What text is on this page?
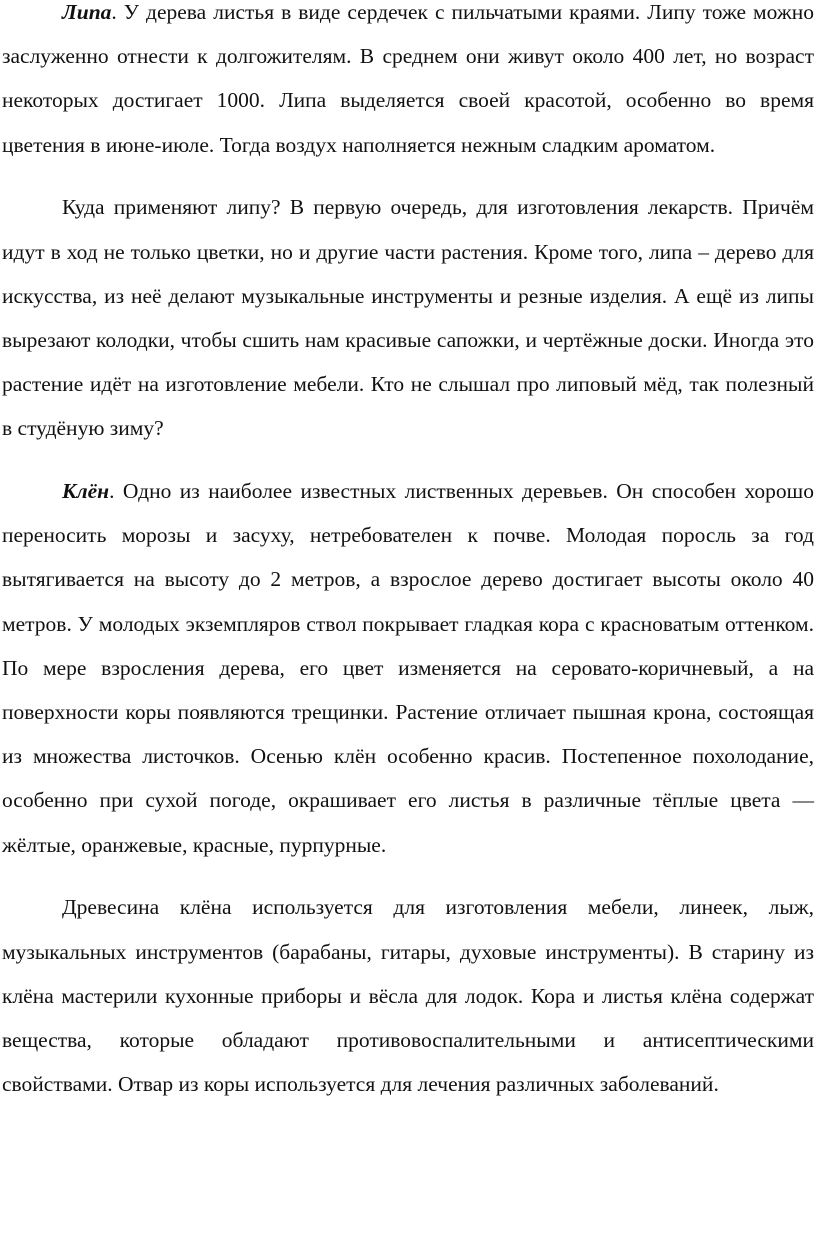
Липа. У дерева листья в виде сердечек с пильчатыми краями. Липу тоже можно заслуженно отнести к долгожителям. В среднем они живут около 400 лет, но возраст некоторых достигает 1000. Липа выделяется своей красотой, особенно во время цветения в июне-июле. Тогда воздух наполняется нежным сладким ароматом.

Куда применяют липу? В первую очередь, для изготовления лекарств. Причём идут в ход не только цветки, но и другие части растения. Кроме того, липа – дерево для искусства, из неё делают музыкальные инструменты и резные изделия. А ещё из липы вырезают колодки, чтобы сшить нам красивые сапожки, и чертёжные доски. Иногда это растение идёт на изготовление мебели. Кто не слышал про липовый мёд, так полезный в студёную зиму?

Клён. Одно из наиболее известных лиственных деревьев. Он способен хорошо переносить морозы и засуху, нетребователен к почве. Молодая поросль за год вытягивается на высоту до 2 метров, а взрослое дерево достигает высоты около 40 метров. У молодых экземпляров ствол покрывает гладкая кора с красноватым оттенком. По мере взросления дерева, его цвет изменяется на серовато-коричневый, а на поверхности коры появляются трещинки. Растение отличает пышная крона, состоящая из множества листочков. Осенью клён особенно красив. Постепенное похолодание, особенно при сухой погоде, окрашивает его листья в различные тёплые цвета — жёлтые, оранжевые, красные, пурпурные.

Древесина клёна используется для изготовления мебели, линеек, лыж, музыкальных инструментов (барабаны, гитары, духовые инструменты). В старину из клёна мастерили кухонные приборы и вёсла для лодок. Кора и листья клёна содержат вещества, которые обладают противовоспалительными и антисептическими свойствами. Отвар из коры используется для лечения различных заболеваний.
